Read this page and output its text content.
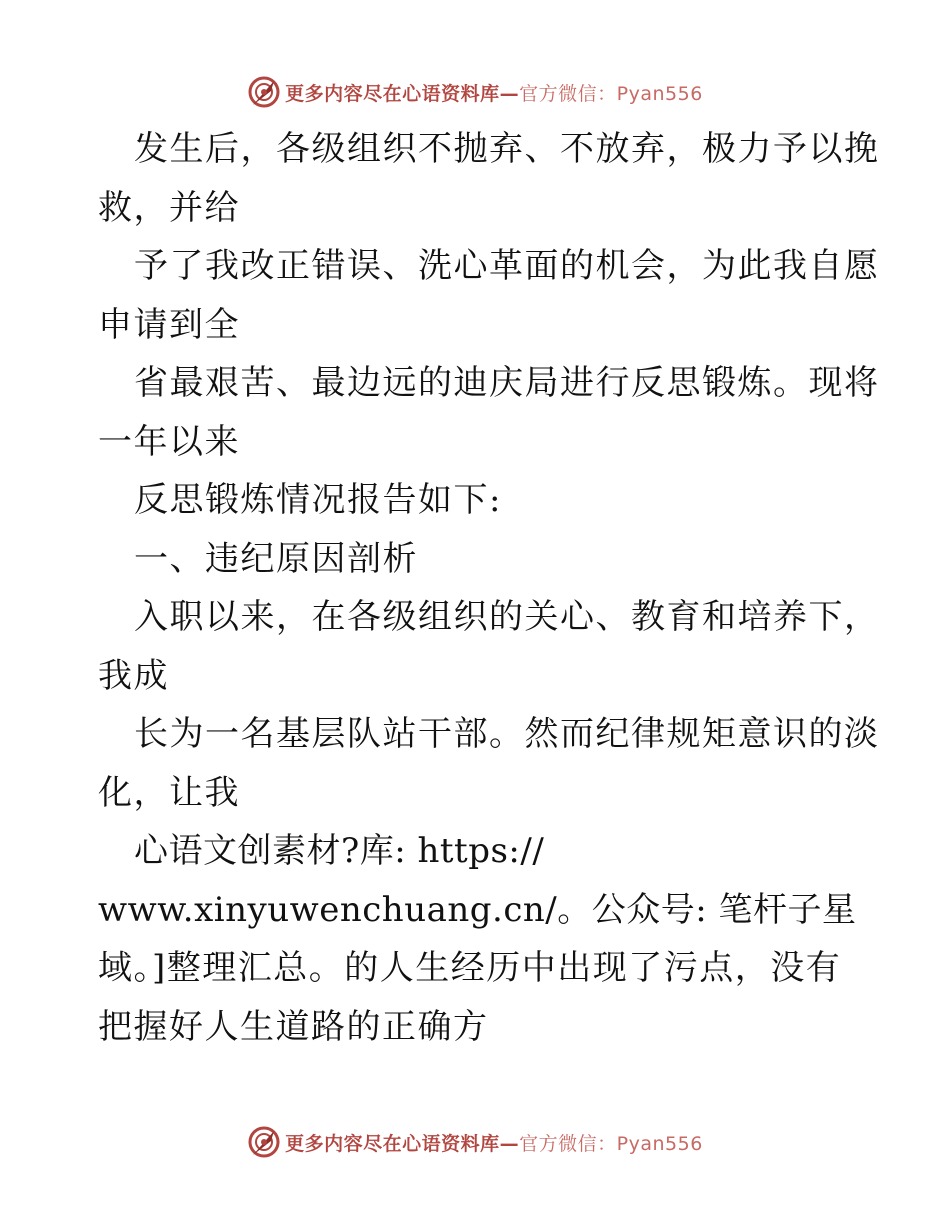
更多内容尽在心语资料库—官方微信：Pyan556
发生后，各级组织不抛弃、不放弃，极力予以挽
救，并给
予了我改正错误、洗心革面的机会，为此我自愿
申请到全
省最艰苦、最边远的迪庆局进行反思锻炼。现将
一年以来
反思锻炼情况报告如下:
一、违纪原因剖析
入职以来，在各级组织的关心、教育和培养下，
我成
长为一名基层队站干部。然而纪律规矩意识的淡
化，让我
心语文创素材?库: https://
www.xinyuwenchuang.cn/。公众号: 笔杆子星
域。]整理汇总。的人生经历中出现了污点，没有
把握好人生道路的正确方
更多内容尽在心语资料库—官方微信：Pyan556
